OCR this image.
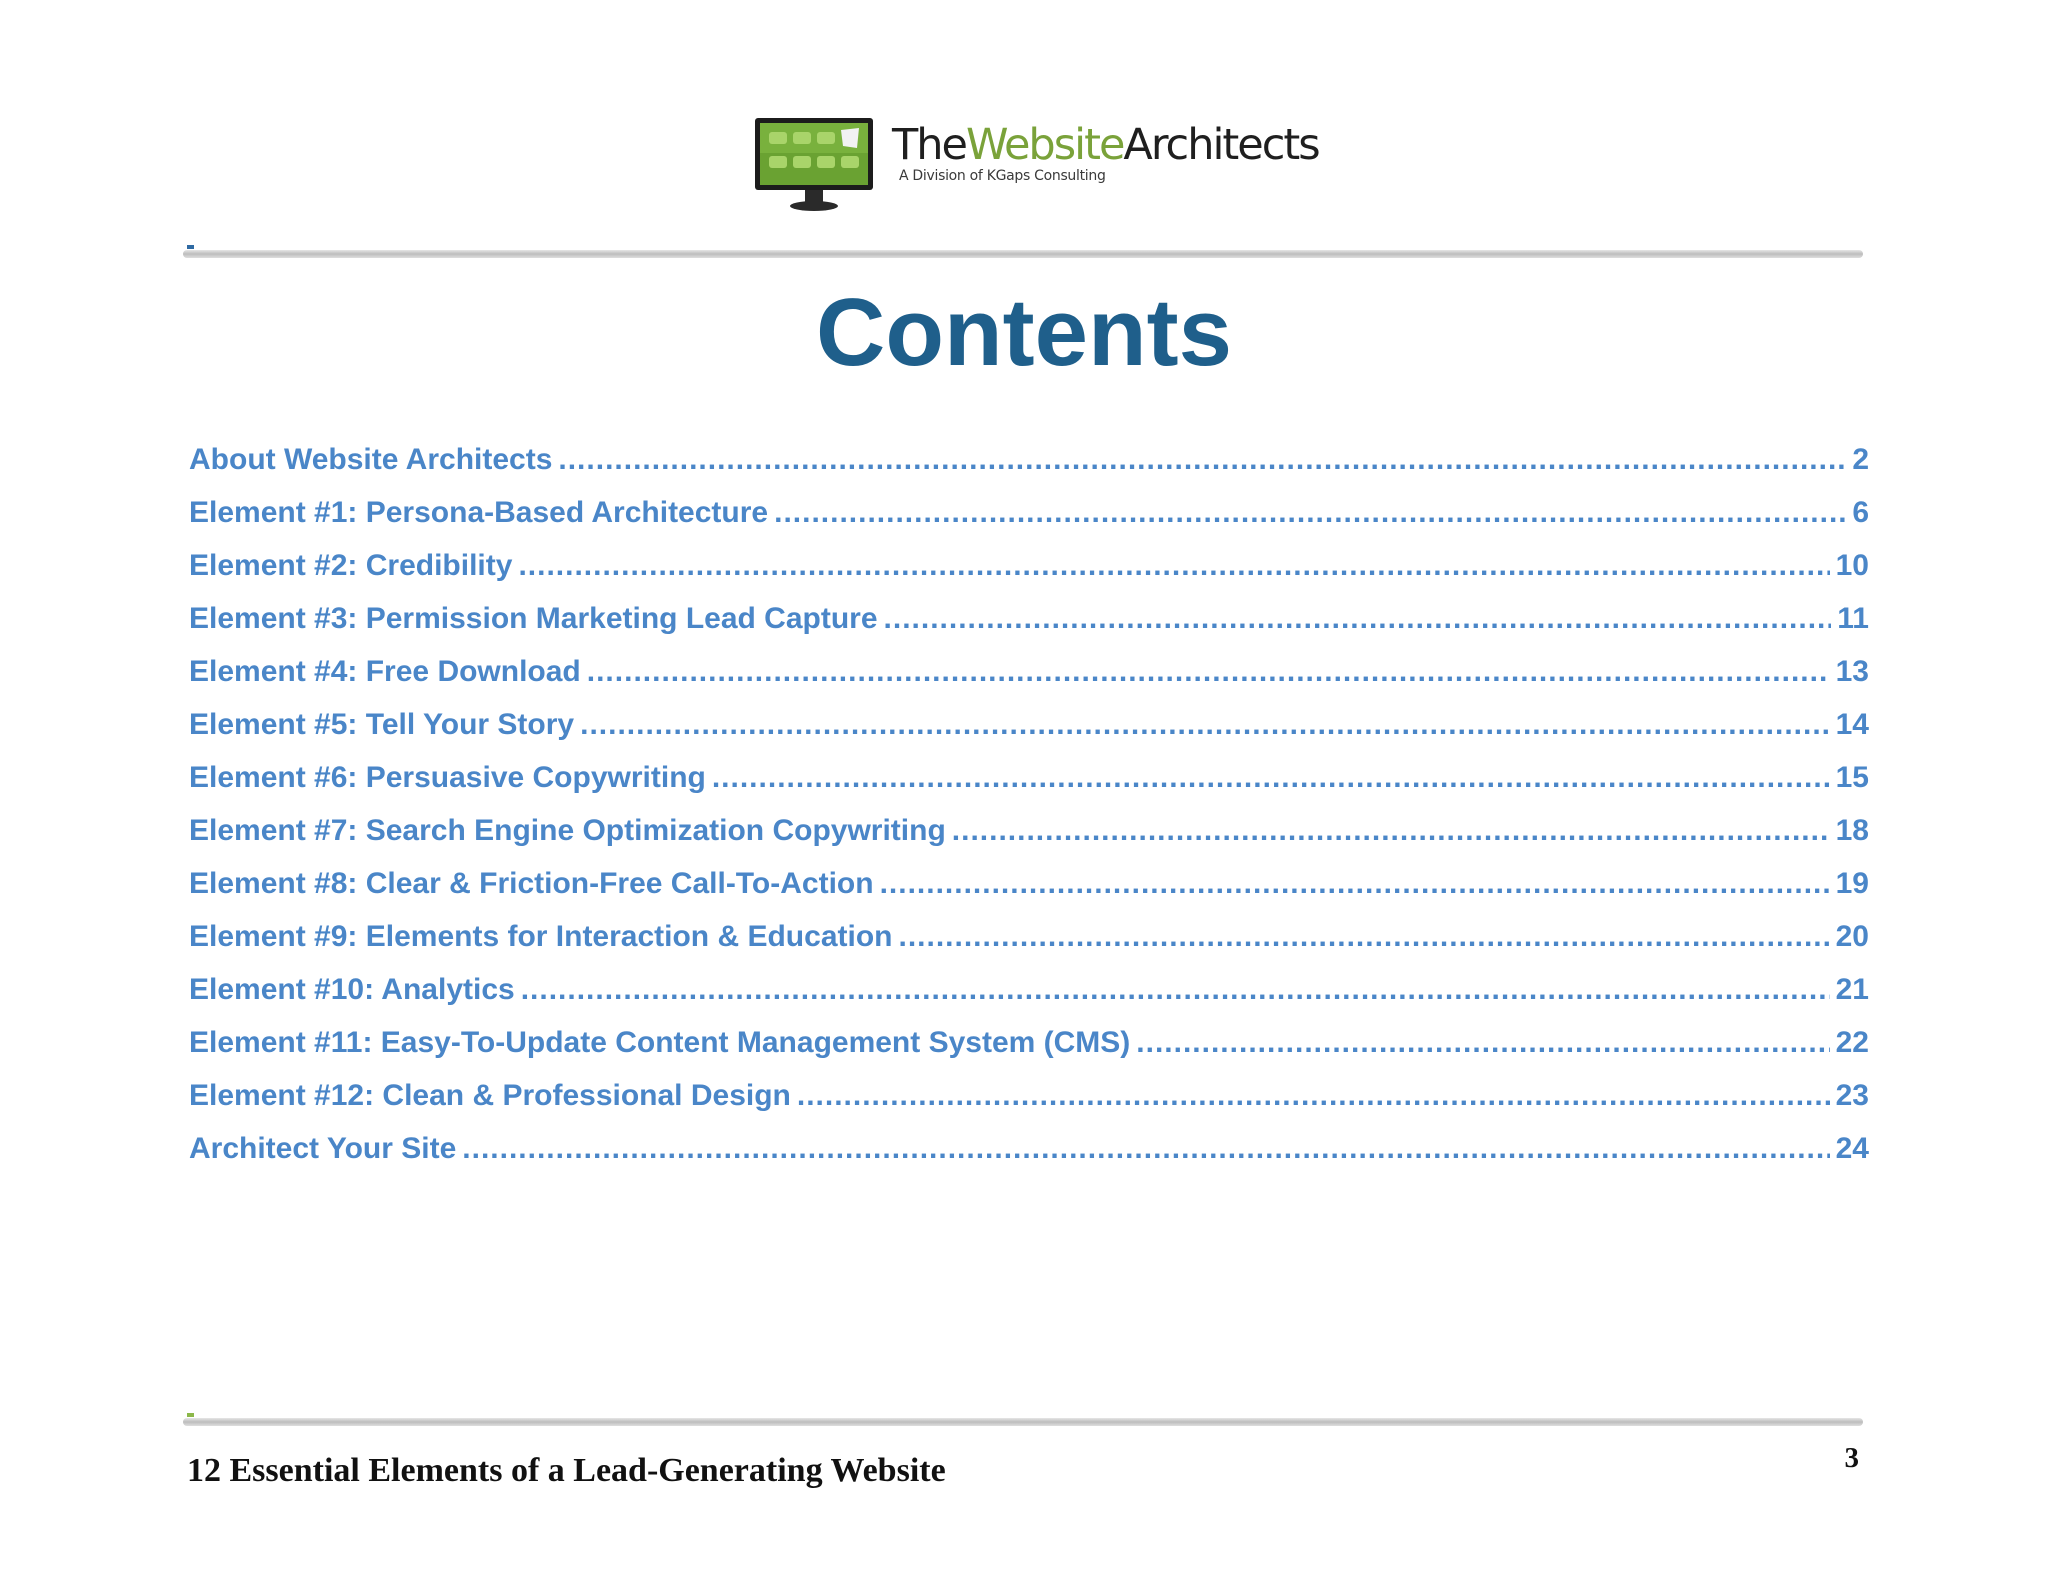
TheWebsiteArchitects
A Division of KGaps Consulting
Contents
About Website Architects .....	2
Element #1: Persona-Based Architecture .....	6
Element #2: Credibility .....	10
Element #3: Permission Marketing Lead Capture .....	11
Element #4: Free Download .....	13
Element #5: Tell Your Story .....	14
Element #6: Persuasive Copywriting .....	15
Element #7: Search Engine Optimization Copywriting .....	18
Element #8: Clear & Friction-Free Call-To-Action .....	19
Element #9: Elements for Interaction & Education .....	20
Element #10: Analytics .....	21
Element #11: Easy-To-Update Content Management System (CMS) .....	22
Element #12: Clean & Professional Design .....	23
Architect Your Site .....	24
12 Essential Elements of a Lead-Generating Website	3
